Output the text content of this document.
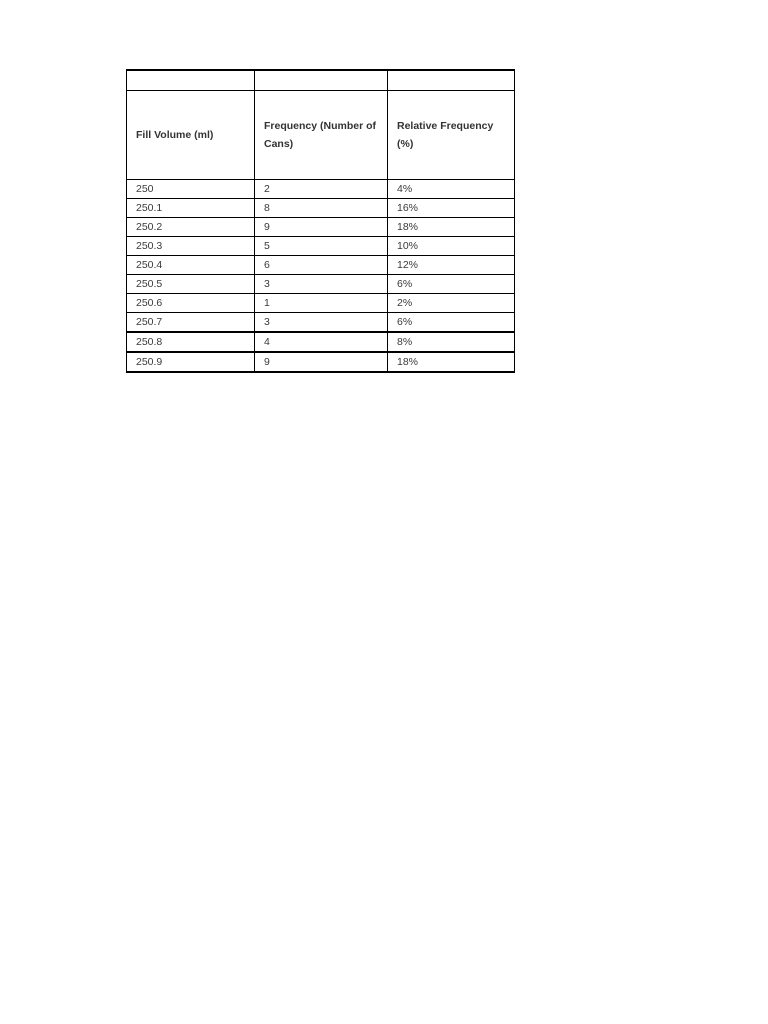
Fill Volume (ml)	Frequency (Number of Cans)	Relative Frequency (%)
250	2	4%
250.1	8	16%
250.2	9	18%
250.3	5	10%
250.4	6	12%
250.5	3	6%
250.6	1	2%
250.7	3	6%
250.8	4	8%
250.9	9	18%
